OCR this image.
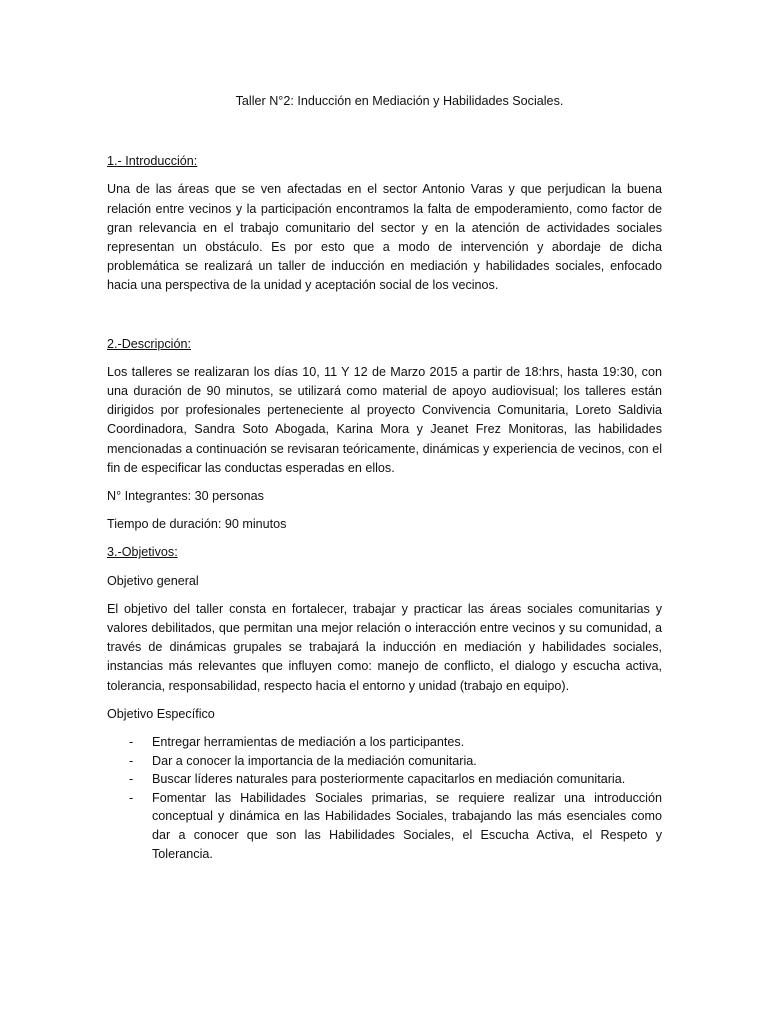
Taller N°2: Inducción en Mediación y Habilidades Sociales.

1.- Introducción:

Una de las áreas que se ven afectadas en el sector Antonio Varas y que perjudican la buena relación entre vecinos y la participación encontramos la falta de empoderamiento, como factor de gran relevancia en el trabajo comunitario del sector y en la atención de actividades sociales representan un obstáculo. Es por esto que a modo de intervención y abordaje de dicha problemática se realizará un taller de inducción en mediación y habilidades sociales, enfocado hacia una perspectiva de la unidad y aceptación social de los vecinos.

2.-Descripción:

Los talleres se realizaran los días 10, 11 Y 12 de Marzo 2015 a partir de 18:hrs, hasta 19:30, con una duración de 90 minutos, se utilizará como material de apoyo audiovisual; los talleres están dirigidos por profesionales perteneciente al proyecto Convivencia Comunitaria, Loreto Saldivia Coordinadora, Sandra Soto Abogada, Karina Mora y Jeanet Frez Monitoras, las habilidades mencionadas a continuación se revisaran teóricamente, dinámicas y experiencia de vecinos, con el fin de especificar las conductas esperadas en ellos.

N° Integrantes: 30 personas

Tiempo de duración: 90 minutos

3.-Objetivos:

Objetivo general

El objetivo del taller consta en fortalecer, trabajar y practicar las áreas sociales comunitarias y valores debilitados, que permitan una mejor relación o interacción entre vecinos y su comunidad, a través de dinámicas grupales se trabajará la inducción en mediación y habilidades sociales, instancias más relevantes que influyen como: manejo de conflicto, el dialogo y escucha activa, tolerancia, responsabilidad, respecto hacia el entorno y unidad (trabajo en equipo).

Objetivo Específico

- Entregar herramientas de mediación a los participantes.
- Dar a conocer la importancia de la mediación comunitaria.
- Buscar líderes naturales para posteriormente capacitarlos en mediación comunitaria.
- Fomentar las Habilidades Sociales primarias, se requiere realizar una introducción conceptual y dinámica en las Habilidades Sociales, trabajando las más esenciales como dar a conocer que son las Habilidades Sociales, el Escucha Activa, el Respeto y Tolerancia.
